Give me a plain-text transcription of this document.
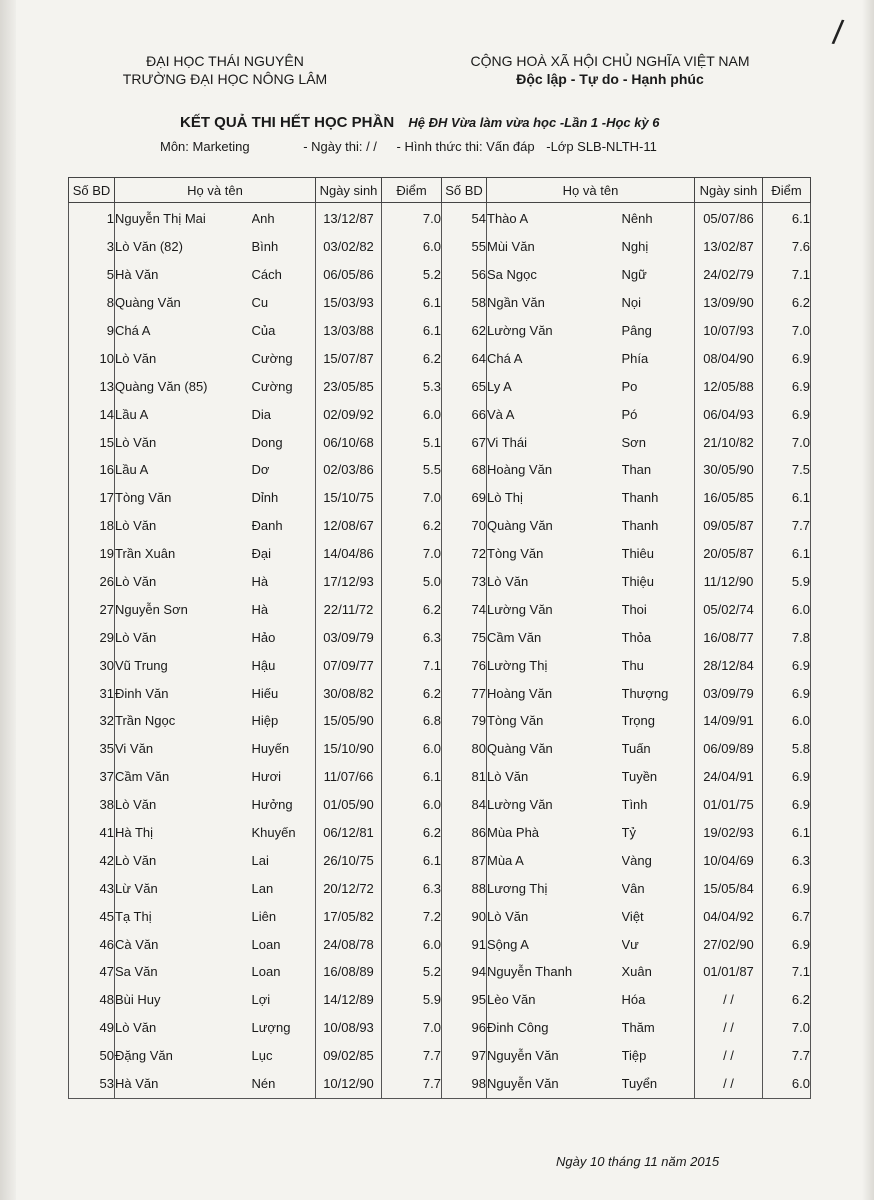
ĐẠI HỌC THÁI NGUYÊN
TRƯỜNG ĐẠI HỌC NÔNG LÂM
CỘNG HOÀ XÃ HỘI CHỦ NGHĨA VIỆT NAM
Độc lập - Tự do - Hạnh phúc
/
KẾT QUẢ THI HẾT HỌC PHẦN Hệ ĐH Vừa làm vừa học -Lần 1 -Học kỳ 6
Môn: Marketing	- Ngày thi: / / - Hình thức thi: Vấn đáp -Lớp SLB-NLTH-11
Số BD	Họ và tên		Ngày sinh	Điểm	Số BD	Họ và tên		Ngày sinh	Điểm
1	Nguyễn Thị Mai	Anh	13/12/87	7.0	54	Thào A	Nênh	05/07/86	6.1
3	Lò Văn (82)	Bình	03/02/82	6.0	55	Mùi Văn	Nghị	13/02/87	7.6
5	Hà Văn	Cách	06/05/86	5.2	56	Sa Ngọc	Ngữ	24/02/79	7.1
8	Quàng Văn	Cu	15/03/93	6.1	58	Ngần Văn	Nọi	13/09/90	6.2
9	Chá A	Của	13/03/88	6.1	62	Lường Văn	Pâng	10/07/93	7.0
10	Lò Văn	Cường	15/07/87	6.2	64	Chá A	Phía	08/04/90	6.9
13	Quàng Văn (85)	Cường	23/05/85	5.3	65	Ly A	Po	12/05/88	6.9
14	Lầu A	Dia	02/09/92	6.0	66	Và A	Pó	06/04/93	6.9
15	Lò Văn	Dong	06/10/68	5.1	67	Vi Thái	Sơn	21/10/82	7.0
16	Lầu A	Dơ	02/03/86	5.5	68	Hoàng Văn	Than	30/05/90	7.5
17	Tòng Văn	Dỉnh	15/10/75	7.0	69	Lò Thị	Thanh	16/05/85	6.1
18	Lò Văn	Đanh	12/08/67	6.2	70	Quàng Văn	Thanh	09/05/87	7.7
19	Trần Xuân	Đại	14/04/86	7.0	72	Tòng Văn	Thiêu	20/05/87	6.1
26	Lò Văn	Hà	17/12/93	5.0	73	Lò Văn	Thiệu	11/12/90	5.9
27	Nguyễn Sơn	Hà	22/11/72	6.2	74	Lường Văn	Thoi	05/02/74	6.0
29	Lò Văn	Hảo	03/09/79	6.3	75	Cầm Văn	Thỏa	16/08/77	7.8
30	Vũ Trung	Hậu	07/09/77	7.1	76	Lường Thị	Thu	28/12/84	6.9
31	Đinh Văn	Hiếu	30/08/82	6.2	77	Hoàng Văn	Thượng	03/09/79	6.9
32	Trần Ngọc	Hiệp	15/05/90	6.8	79	Tòng Văn	Trọng	14/09/91	6.0
35	Vi Văn	Huyến	15/10/90	6.0	80	Quàng Văn	Tuấn	06/09/89	5.8
37	Cầm Văn	Hươi	11/07/66	6.1	81	Lò Văn	Tuyền	24/04/91	6.9
38	Lò Văn	Hưởng	01/05/90	6.0	84	Lường Văn	Tình	01/01/75	6.9
41	Hà Thị	Khuyến	06/12/81	6.2	86	Mùa Phà	Tỷ	19/02/93	6.1
42	Lò Văn	Lai	26/10/75	6.1	87	Mùa A	Vàng	10/04/69	6.3
43	Lừ Văn	Lan	20/12/72	6.3	88	Lương Thị	Vân	15/05/84	6.9
45	Tạ Thị	Liên	17/05/82	7.2	90	Lò Văn	Việt	04/04/92	6.7
46	Cà Văn	Loan	24/08/78	6.0	91	Sộng A	Vư	27/02/90	6.9
47	Sa Văn	Loan	16/08/89	5.2	94	Nguyễn Thanh	Xuân	01/01/87	7.1
48	Bùi Huy	Lợi	14/12/89	5.9	95	Lèo Văn	Hóa	/ /	6.2
49	Lò Văn	Lượng	10/08/93	7.0	96	Đinh Công	Thăm	/ /	7.0
50	Đặng Văn	Lục	09/02/85	7.7	97	Nguyễn Văn	Tiệp	/ /	7.7
53	Hà Văn	Nén	10/12/90	7.7	98	Nguyễn Văn	Tuyển	/ /	6.0
Ngày 10 tháng 11 năm 2015
